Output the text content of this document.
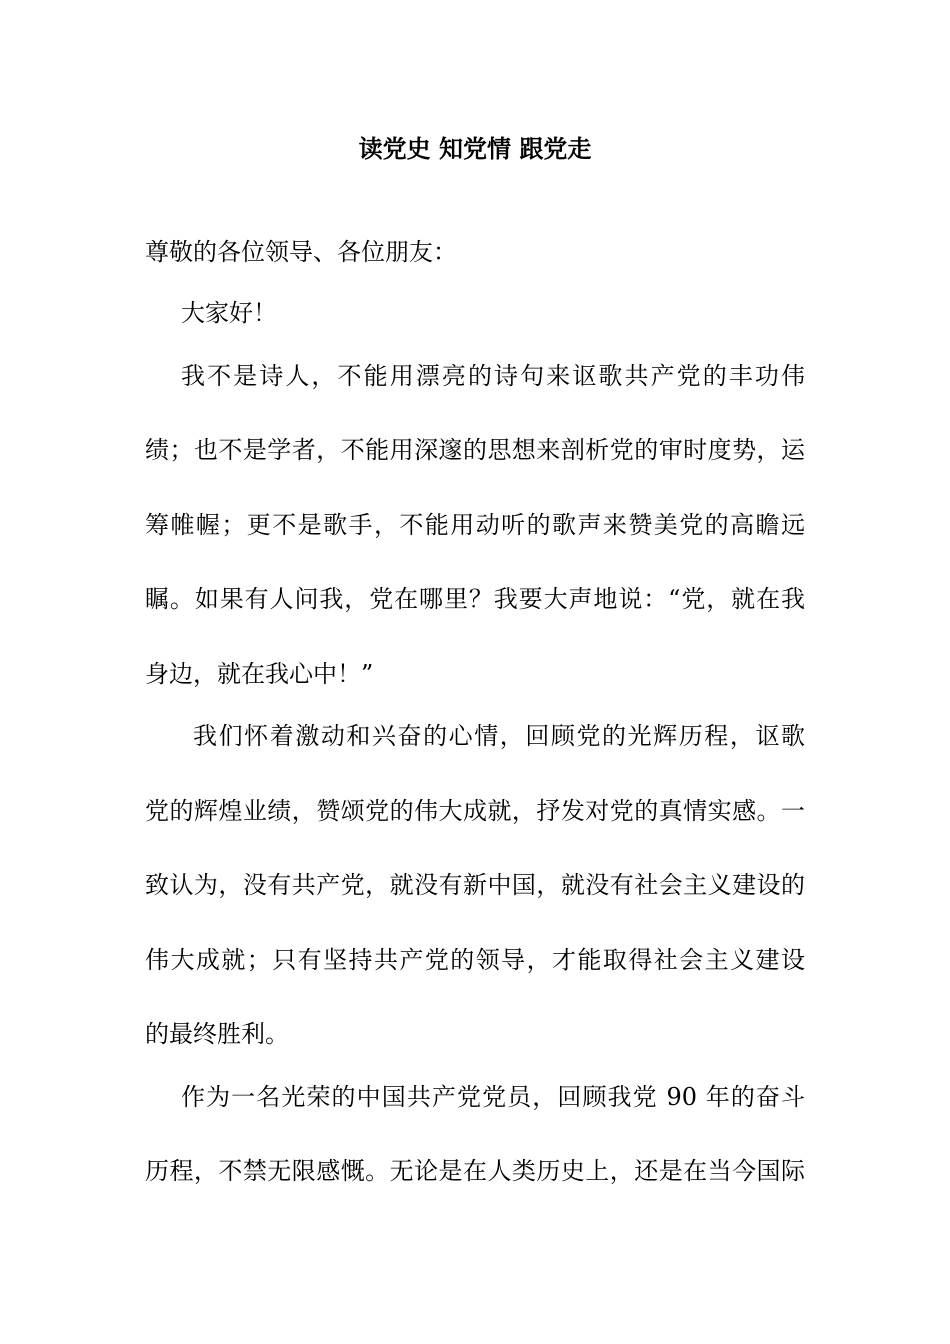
读党史 知党情 跟党走
尊敬的各位领导、各位朋友：
大家好！
我不是诗人，不能用漂亮的诗句来讴歌共产党的丰功伟
绩；也不是学者，不能用深邃的思想来剖析党的审时度势，运
筹帷幄；更不是歌手，不能用动听的歌声来赞美党的高瞻远
瞩。如果有人问我，党在哪里？我要大声地说：“党，就在我
身边，就在我心中！”
我们怀着激动和兴奋的心情，回顾党的光辉历程，讴歌
党的辉煌业绩，赞颂党的伟大成就，抒发对党的真情实感。一
致认为，没有共产党，就没有新中国，就没有社会主义建设的
伟大成就；只有坚持共产党的领导，才能取得社会主义建设
的最终胜利。
作为一名光荣的中国共产党党员，回顾我党 90 年的奋斗
历程，不禁无限感慨。无论是在人类历史上，还是在当今国际
